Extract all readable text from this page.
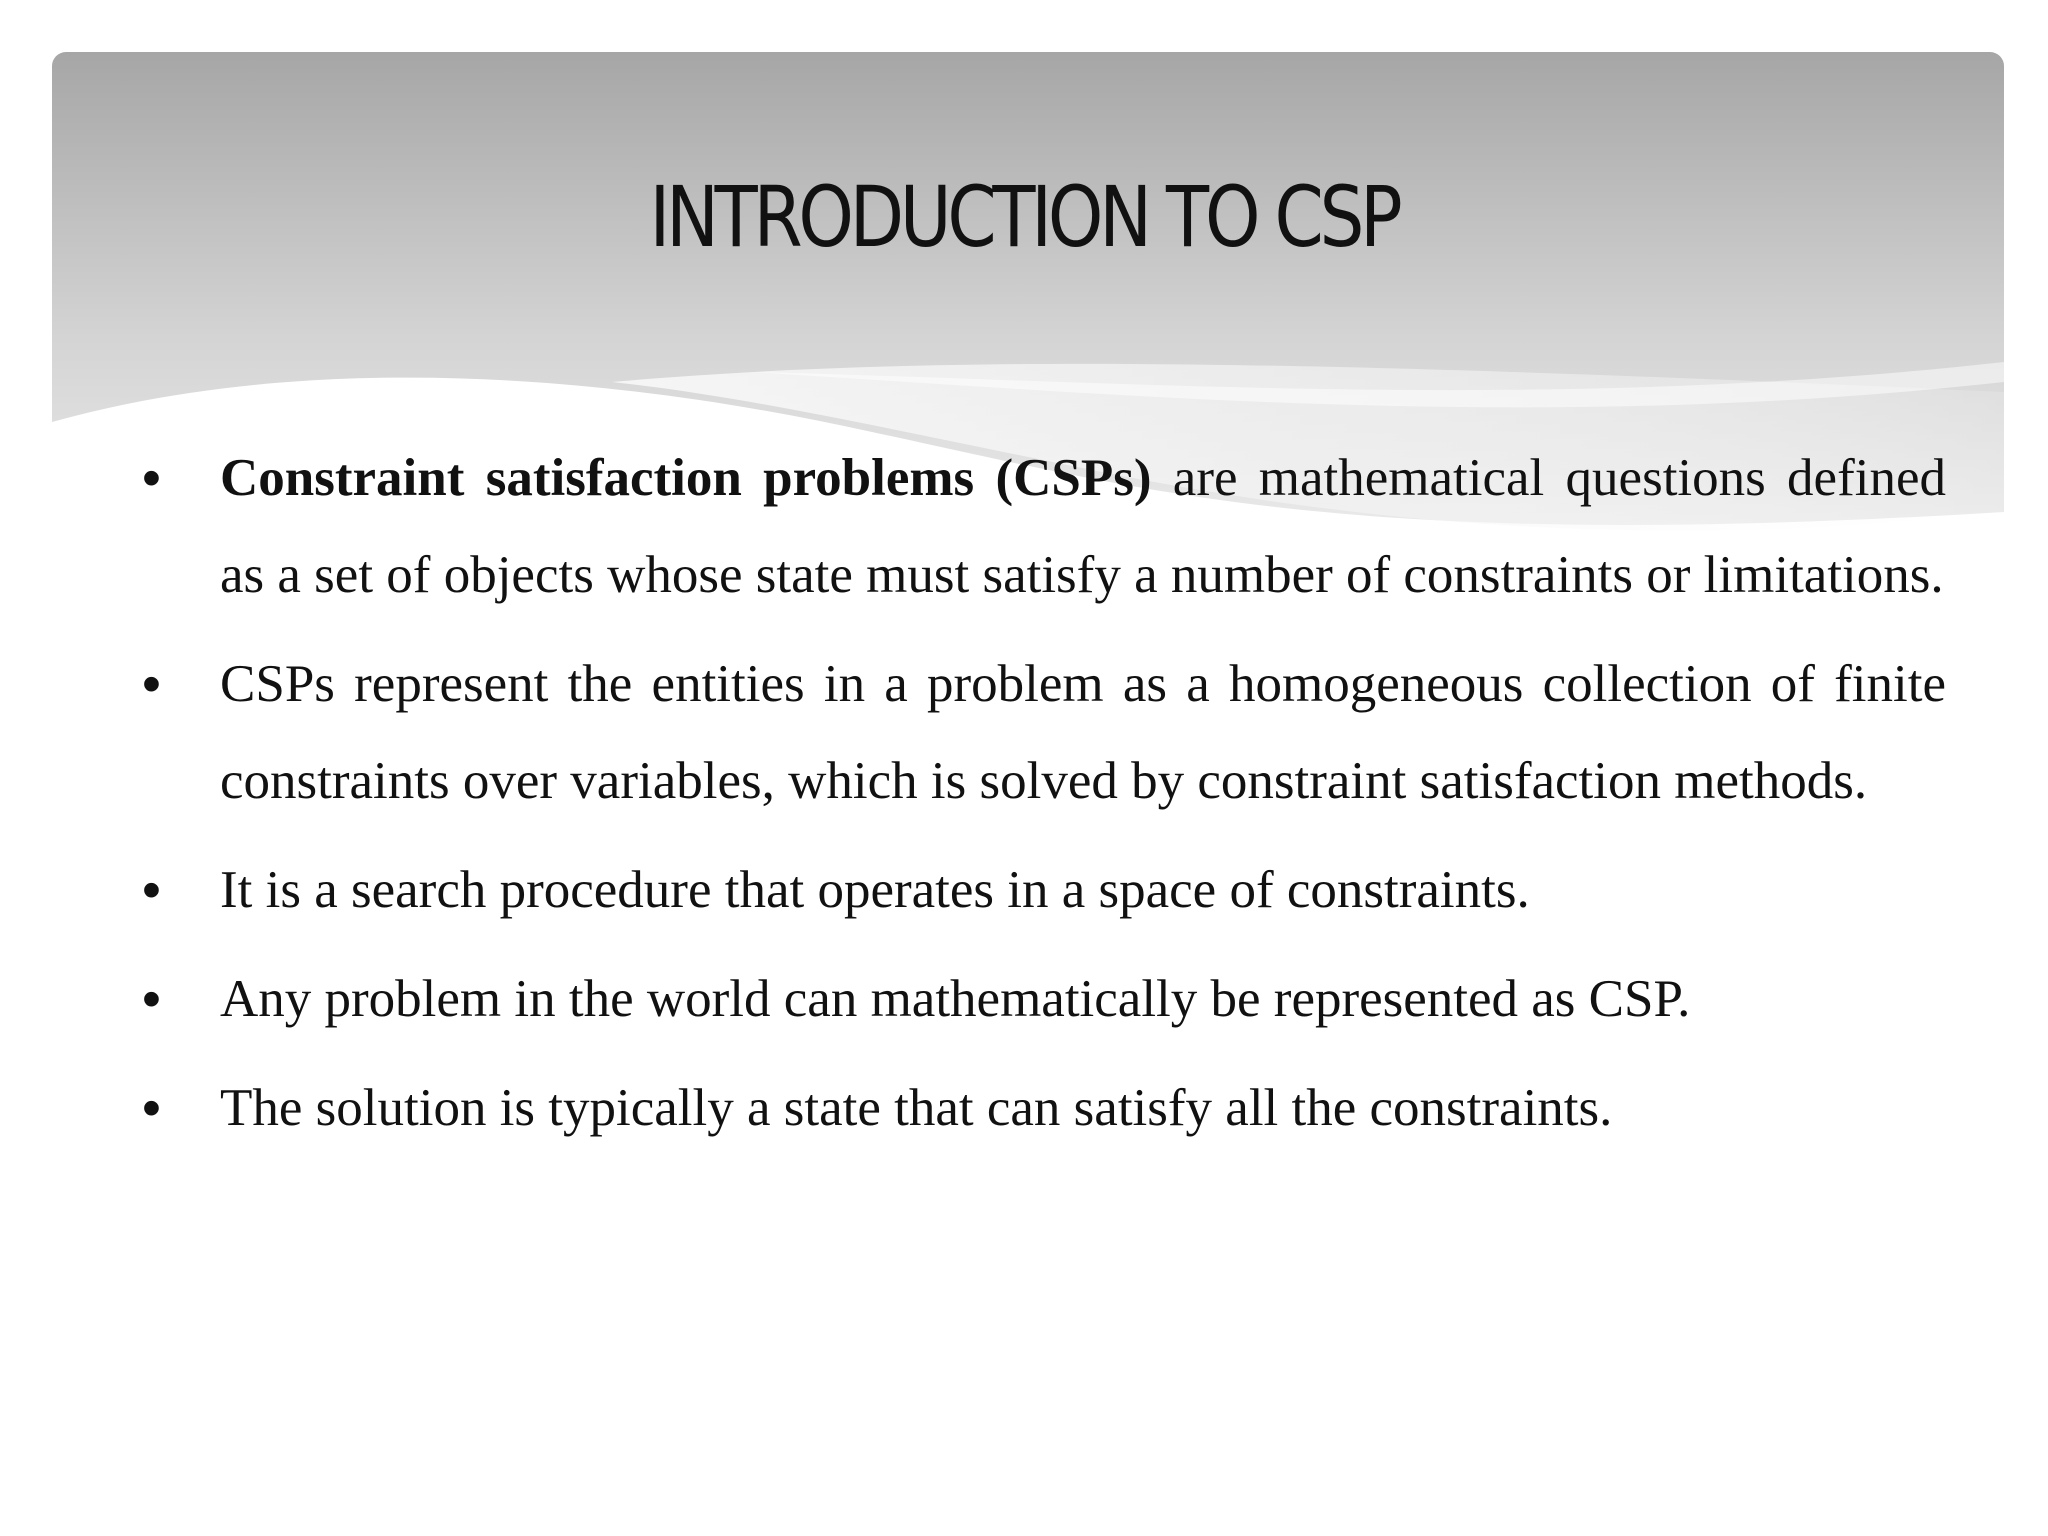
INTRODUCTION TO CSP

• Constraint satisfaction problems (CSPs) are mathematical questions defined as a set of objects whose state must satisfy a number of constraints or limitations.

• CSPs represent the entities in a problem as a homogeneous collection of finite constraints over variables, which is solved by constraint satisfaction methods.

• It is a search procedure that operates in a space of constraints.

• Any problem in the world can mathematically be represented as CSP.

• The solution is typically a state that can satisfy all the constraints.
